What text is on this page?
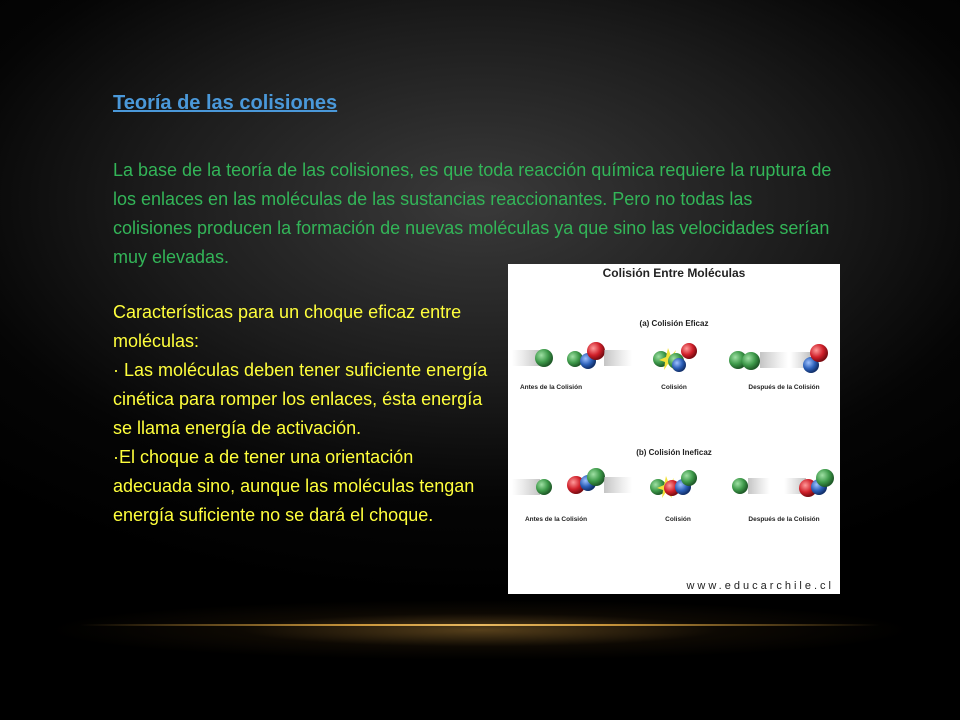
Teoría de las colisiones
La base de la teoría de las colisiones, es que toda reacción química requiere la ruptura de los enlaces en las moléculas de las sustancias reaccionantes. Pero no todas las colisiones producen la formación de nuevas moléculas ya que sino las velocidades serían muy elevadas.

Características para un choque eficaz entre moléculas:

· Las moléculas deben tener suficiente energía cinética para romper los enlaces, ésta energía se llama energía de activación.

·El choque a de tener una orientación adecuada sino, aunque las moléculas tengan energía suficiente no se dará el choque.

Colisión Entre Moléculas
(a) Colisión Eficaz
Antes de la Colisión	Colisión	Después de la Colisión
(b) Colisión Ineficaz
Antes de la Colisión	Colisión	Después de la Colisión
www.educarchile.cl
